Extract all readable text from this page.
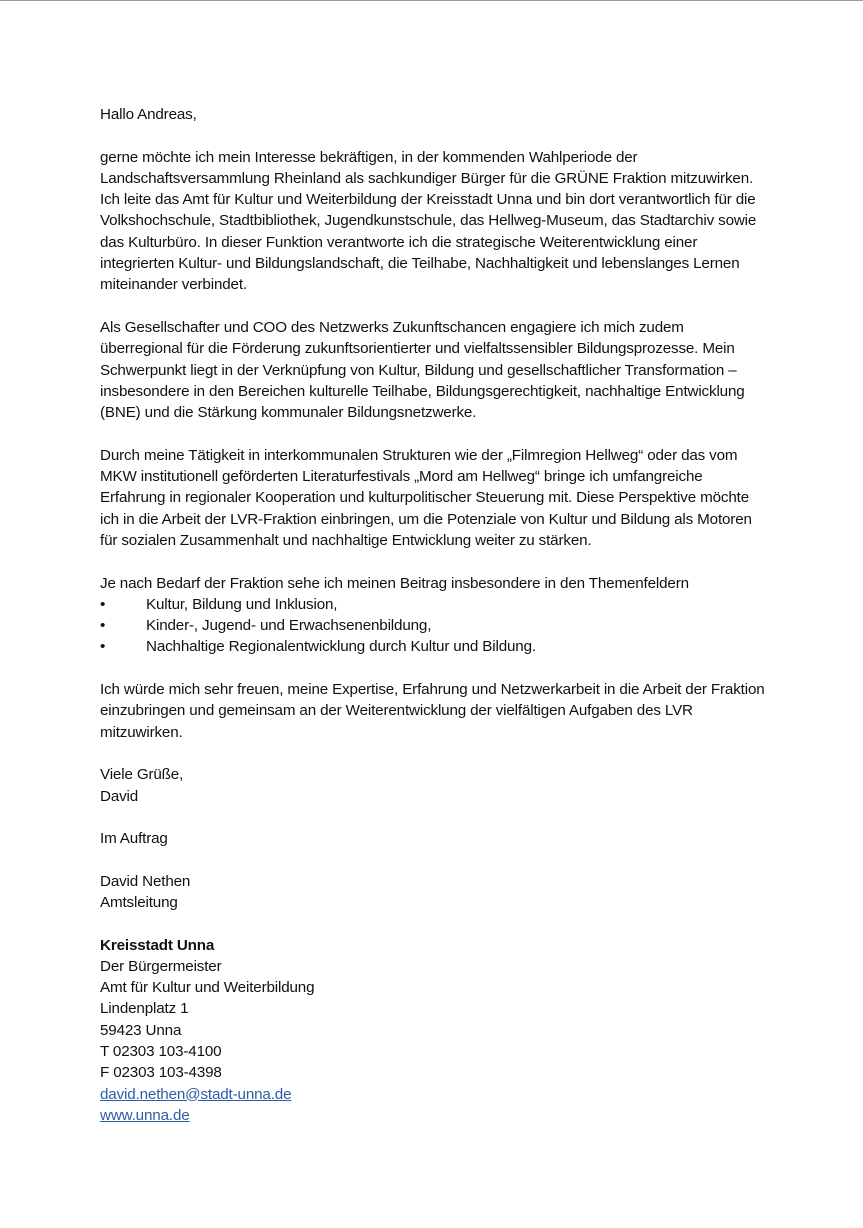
Hallo Andreas,

gerne möchte ich mein Interesse bekräftigen, in der kommenden Wahlperiode der Landschaftsversammlung Rheinland als sachkundiger Bürger für die GRÜNE Fraktion mitzuwirken. Ich leite das Amt für Kultur und Weiterbildung der Kreisstadt Unna und bin dort verantwortlich für die Volkshochschule, Stadtbibliothek, Jugendkunstschule, das Hellweg-Museum, das Stadtarchiv sowie das Kulturbüro. In dieser Funktion verantworte ich die strategische Weiterentwicklung einer integrierten Kultur- und Bildungslandschaft, die Teilhabe, Nachhaltigkeit und lebenslanges Lernen miteinander verbindet.

Als Gesellschafter und COO des Netzwerks Zukunftschancen engagiere ich mich zudem überregional für die Förderung zukunftsorientierter und vielfaltssensibler Bildungsprozesse. Mein Schwerpunkt liegt in der Verknüpfung von Kultur, Bildung und gesellschaftlicher Transformation – insbesondere in den Bereichen kulturelle Teilhabe, Bildungsgerechtigkeit, nachhaltige Entwicklung (BNE) und die Stärkung kommunaler Bildungsnetzwerke.

Durch meine Tätigkeit in interkommunalen Strukturen wie der „Filmregion Hellweg“ oder das vom MKW institutionell geförderten Literaturfestivals „Mord am Hellweg“ bringe ich umfangreiche Erfahrung in regionaler Kooperation und kulturpolitischer Steuerung mit. Diese Perspektive möchte ich in die Arbeit der LVR-Fraktion einbringen, um die Potenziale von Kultur und Bildung als Motoren für sozialen Zusammenhalt und nachhaltige Entwicklung weiter zu stärken.

Je nach Bedarf der Fraktion sehe ich meinen Beitrag insbesondere in den Themenfeldern

•	Kultur, Bildung und Inklusion,
•	Kinder-, Jugend- und Erwachsenenbildung,
•	Nachhaltige Regionalentwicklung durch Kultur und Bildung.

Ich würde mich sehr freuen, meine Expertise, Erfahrung und Netzwerkarbeit in die Arbeit der Fraktion einzubringen und gemeinsam an der Weiterentwicklung der vielfältigen Aufgaben des LVR mitzuwirken.

Viele Grüße,
David

Im Auftrag

David Nethen
Amtsleitung

Kreisstadt Unna
Der Bürgermeister
Amt für Kultur und Weiterbildung
Lindenplatz 1
59423 Unna
T 02303 103-4100
F 02303 103-4398
david.nethen@stadt-unna.de
www.unna.de
